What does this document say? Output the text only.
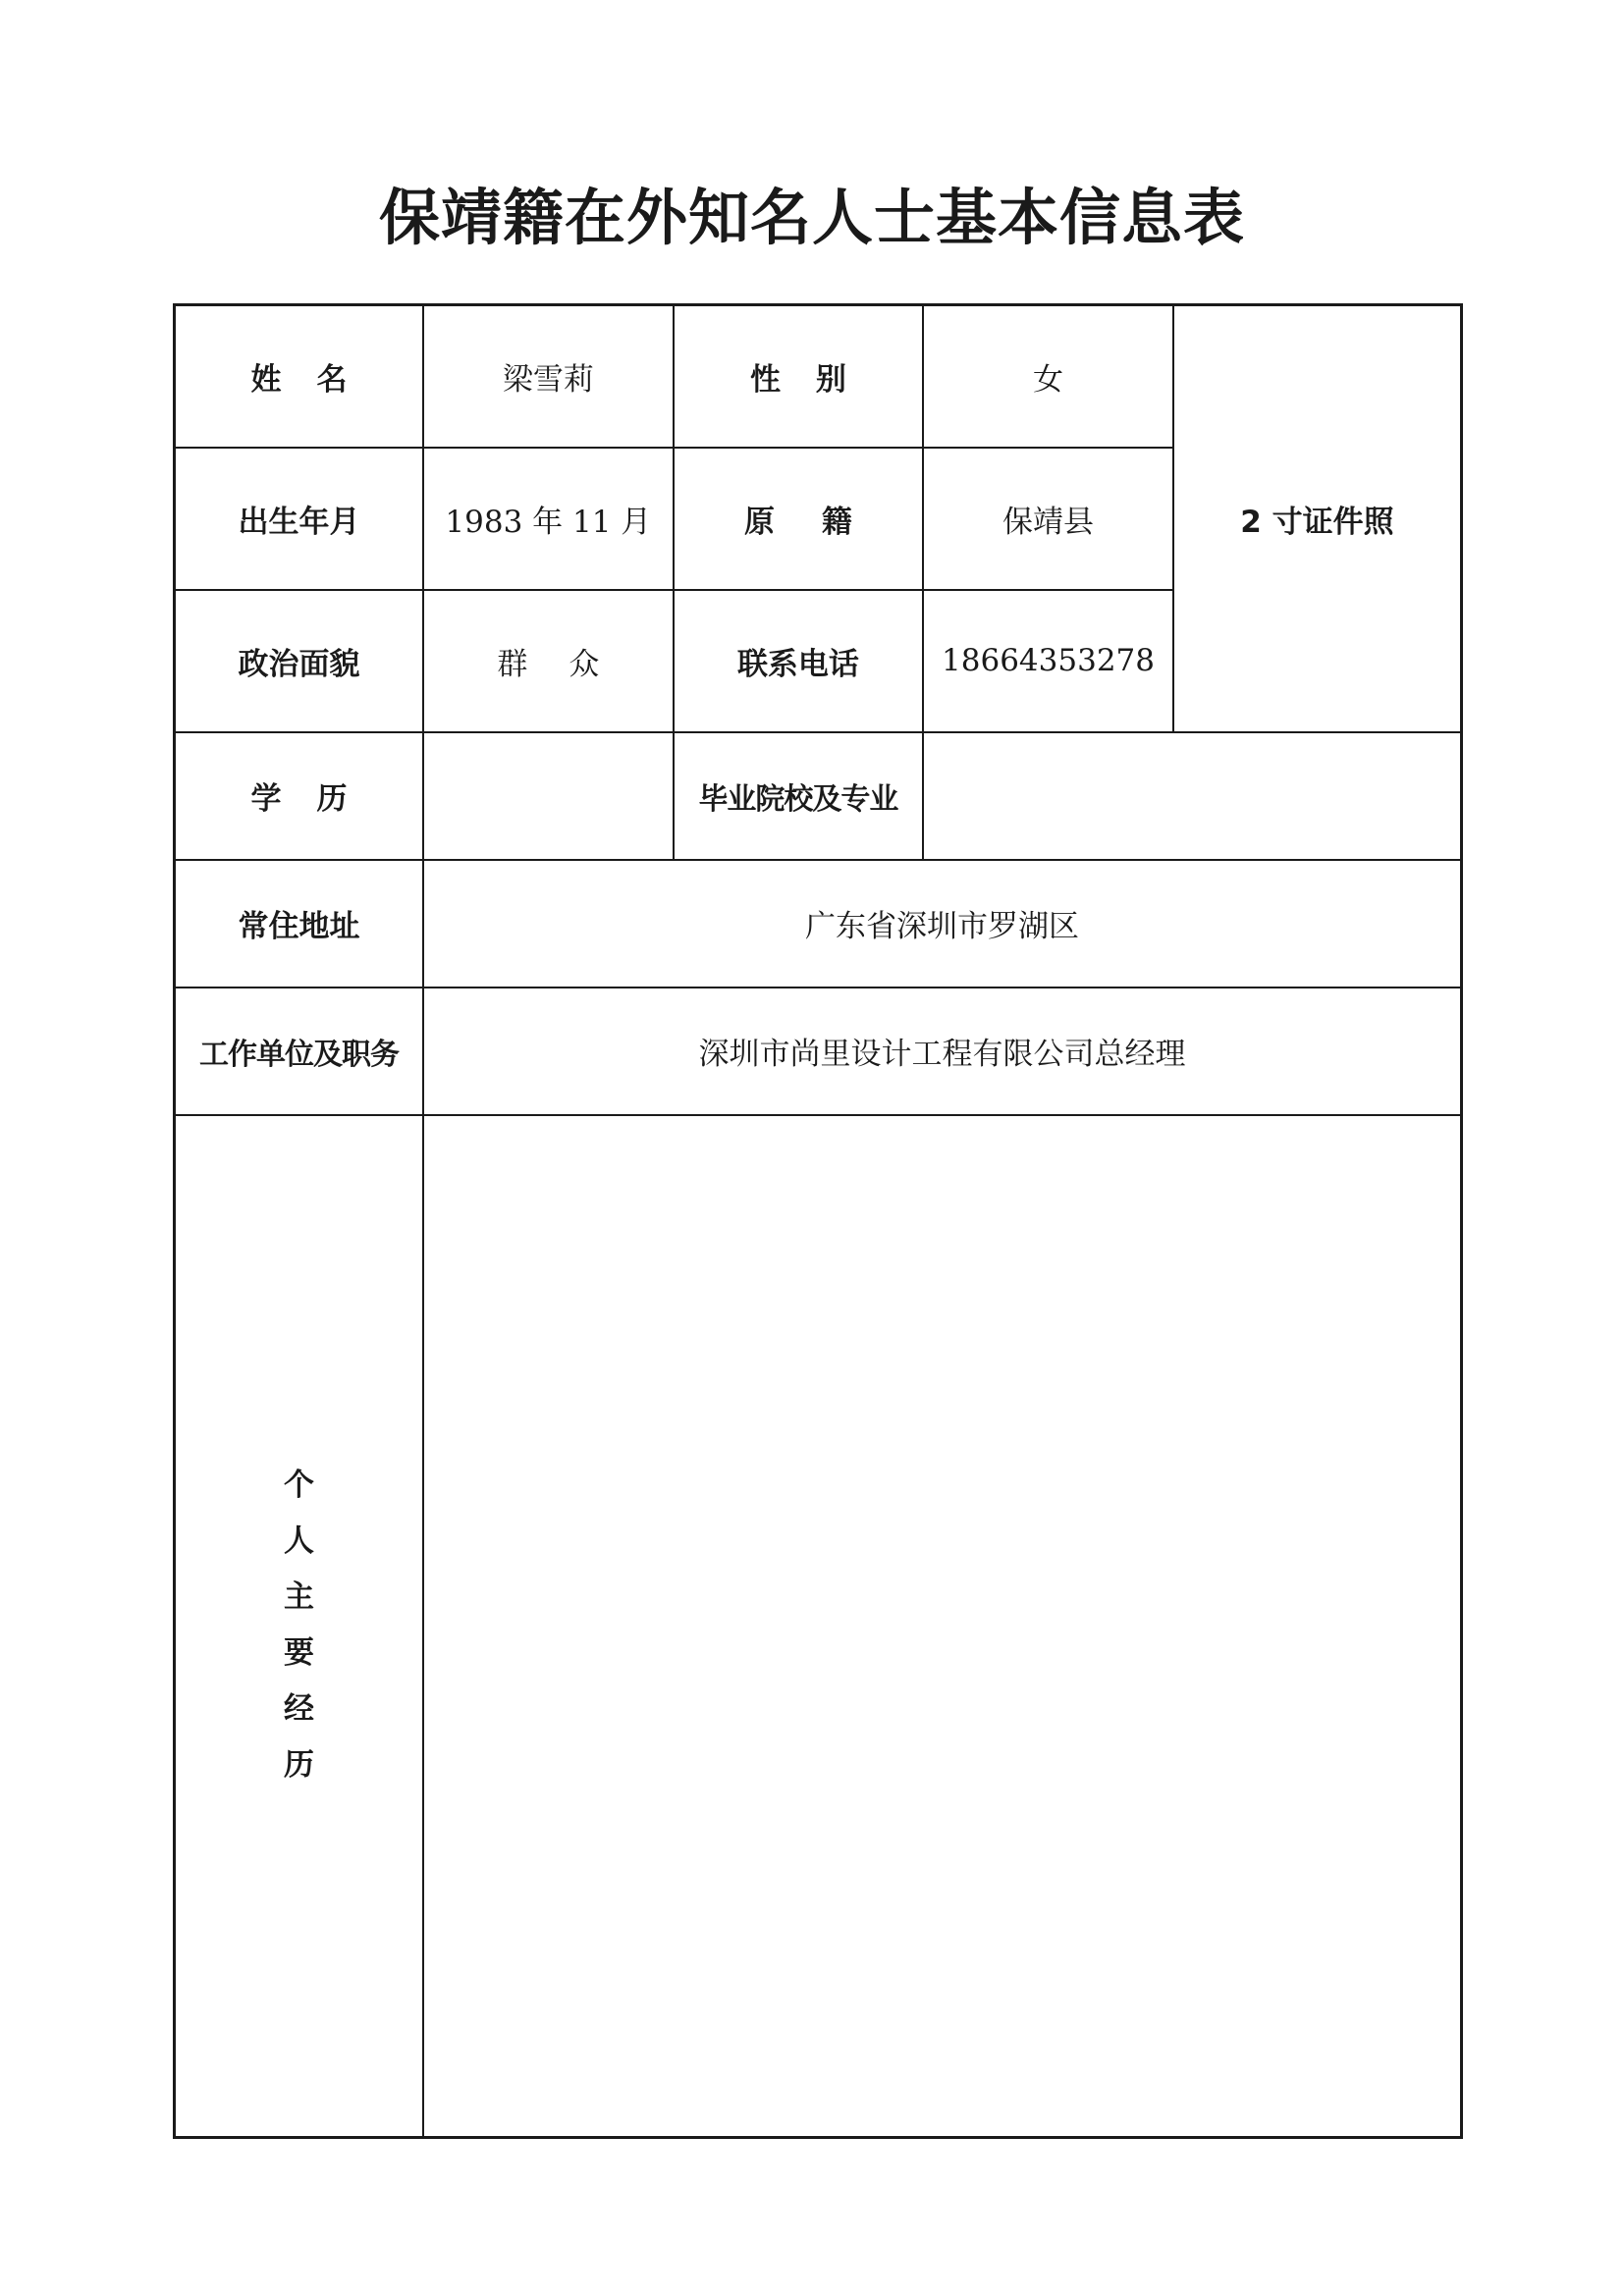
保靖籍在外知名人士基本信息表
姓名	梁雪莉	性别	女	2 寸证件照
出生年月	1983 年 11 月	原籍	保靖县	
政治面貌	群众	联系电话	18664353278	
学历		毕业院校及专业		
常住地址	广东省深圳市罗湖区			
工作单位及职务	深圳市尚里设计工程有限公司总经理			
个人主要经历				
